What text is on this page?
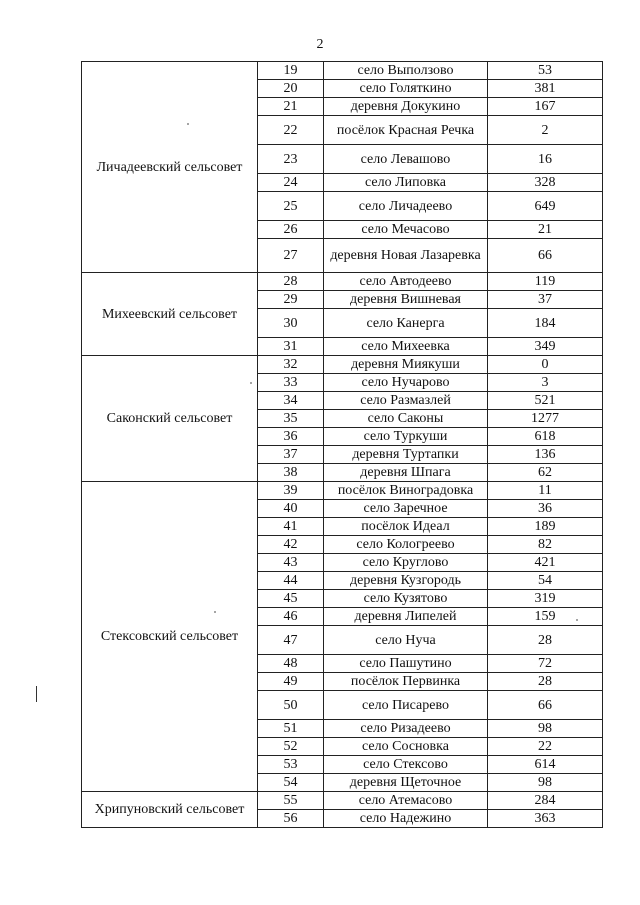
2
Личадеевский сельсовет	19	село Выползово	53
	20	село Голяткино	381
	21	деревня Докукино	167
	22	посёлок Красная Речка	2
	23	село Левашово	16
	24	село Липовка	328
	25	село Личадеево	649
	26	село Мечасово	21
	27	деревня Новая Лазаревка	66
Михеевский сельсовет	28	село Автодеево	119
	29	деревня Вишневая	37
	30	село Канерга	184
	31	село Михеевка	349
Саконский сельсовет	32	деревня Миякуши	0
	33	село Нучарово	3
	34	село Размазлей	521
	35	село Саконы	1277
	36	село Туркуши	618
	37	деревня Туртапки	136
	38	деревня Шпага	62
Стексовский сельсовет	39	посёлок Виноградовка	11
	40	село Заречное	36
	41	посёлок Идеал	189
	42	село Кологреево	82
	43	село Круглово	421
	44	деревня Кузгородь	54
	45	село Кузятово	319
	46	деревня Липелей	159
	47	село Нуча	28
	48	село Пашутино	72
	49	посёлок Первинка	28
	50	село Писарево	66
	51	село Ризадеево	98
	52	село Сосновка	22
	53	село Стексово	614
	54	деревня Щеточное	98
Хрипуновский сельсовет	55	село Атемасово	284
	56	село Надежино	363
